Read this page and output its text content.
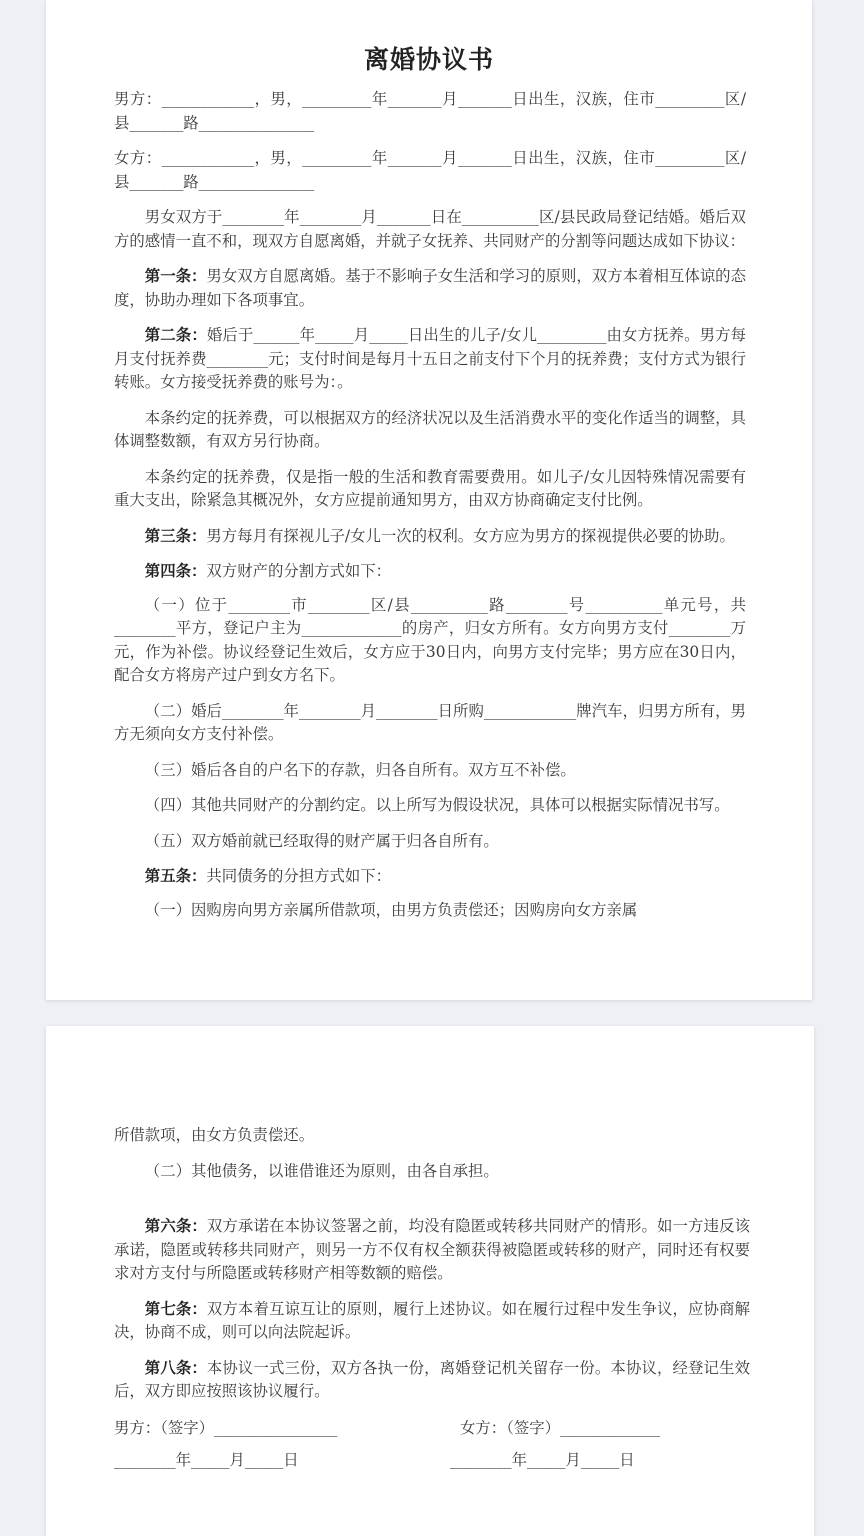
离婚协议书

男方：____________，男，_________年_______月_______日出生，汉族，住市_________区/县_______路_______________

女方：____________，男，_________年_______月_______日出生，汉族，住市_________区/县_______路_______________

男女双方于________年________月_______日在__________区/县民政局登记结婚。婚后双方的感情一直不和，现双方自愿离婚，并就子女抚养、共同财产的分割等问题达成如下协议：

第一条：男女双方自愿离婚。基于不影响子女生活和学习的原则，双方本着相互体谅的态度，协助办理如下各项事宜。

第二条：婚后于______年_____月_____日出生的儿子/女儿_________由女方抚养。男方每月支付抚养费________元；支付时间是每月十五日之前支付下个月的抚养费；支付方式为银行转账。女方接受抚养费的账号为：。

本条约定的抚养费，可以根据双方的经济状况以及生活消费水平的变化作适当的调整，具体调整数额，有双方另行协商。

本条约定的抚养费，仅是指一般的生活和教育需要费用。如儿子/女儿因特殊情况需要有重大支出，除紧急其概况外，女方应提前通知男方，由双方协商确定支付比例。

第三条：男方每月有探视儿子/女儿一次的权利。女方应为男方的探视提供必要的协助。

第四条：双方财产的分割方式如下：

（一）位于________市________区/县__________路________号__________单元号，共________平方，登记户主为_____________的房产，归女方所有。女方向男方支付________万元，作为补偿。协议经登记生效后，女方应于30日内，向男方支付完毕；男方应在30日内，配合女方将房产过户到女方名下。

（二）婚后________年________月________日所购____________牌汽车，归男方所有，男方无须向女方支付补偿。

（三）婚后各自的户名下的存款，归各自所有。双方互不补偿。

（四）其他共同财产的分割约定。以上所写为假设状况，具体可以根据实际情况书写。

（五）双方婚前就已经取得的财产属于归各自所有。

第五条：共同债务的分担方式如下：

（一）因购房向男方亲属所借款项，由男方负责偿还；因购房向女方亲属

所借款项，由女方负责偿还。

（二）其他债务，以谁借谁还为原则，由各自承担。

第六条：双方承诺在本协议签署之前，均没有隐匿或转移共同财产的情形。如一方违反该承诺，隐匿或转移共同财产，则另一方不仅有权全额获得被隐匿或转移的财产，同时还有权要求对方支付与所隐匿或转移财产相等数额的赔偿。

第七条：双方本着互谅互让的原则，履行上述协议。如在履行过程中发生争议，应协商解决，协商不成，则可以向法院起诉。

第八条：本协议一式三份，双方各执一份，离婚登记机关留存一份。本协议，经登记生效后，双方即应按照该协议履行。

男方：（签字）________________	女方：（签字）_____________
________年_____月_____日	________年_____月_____日
